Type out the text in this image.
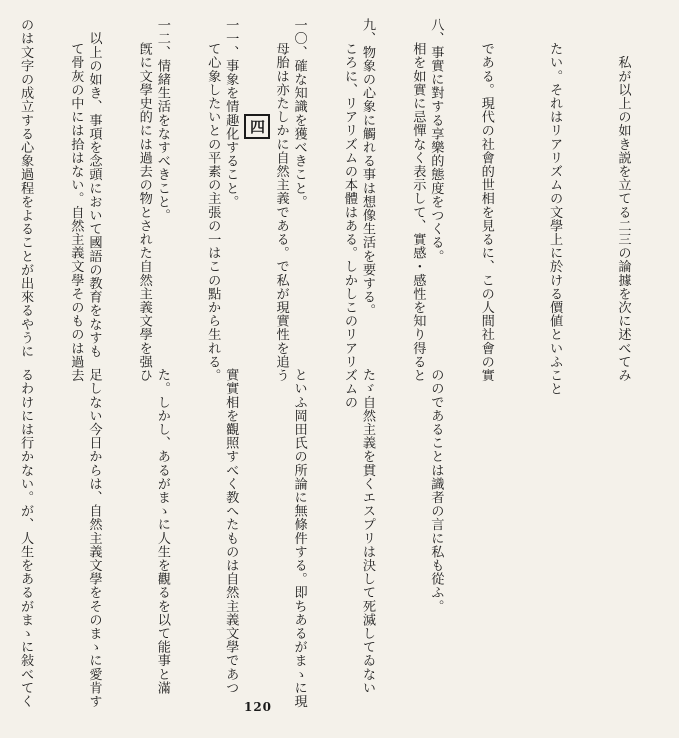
八、事實に對する享樂的態度をつくる。

九、物象の心象に觸れる事は想像生活を要する。

一〇、確な知識を獲べきこと。

一一、事象を情趣化すること。

一二、情緒生活をなすべきこと。

　以上の如き、事項を念頭において國語の教育をなすも

のは文字の成立する心象過程をよることが出來るやうに

	四

	　私が以上の如き説を立てる二三の論據を次に述べてみ

たい。それはリアリズムの文學上に於ける價値といふこと

である。現代の社會的世相を見るに、この人間社會の實

相を如實に忌憚なく表示して、實感・感性を知り得ると

ころに、リアリズムの本體はある。しかしこのリアリズムの

母胎は亦たしかに自然主義である。で私が現實性を追う

て心象したいとの平素の主張の一はこの點から生れる。

旣に文學史的には過去の物とされた自然主義文學を强ひ

て骨灰の中には拾はない。自然主義文學そのものは過去

ののであることは識者の言に私も從ふ。

たゞ自然主義を貫くエスプリは決して死滅してゐない

といふ岡田氏の所論に無條件する。即ちあるがまゝに現

實實相を觀照すべく教へたものは自然主義文學であつ

た。しかし、あるがまゝに人生を觀るを以て能事と滿

足しない今日からは、自然主義文學をそのまゝに愛肯す

るわけには行かない。が、人生をあるがまゝに敍べてく

	120
